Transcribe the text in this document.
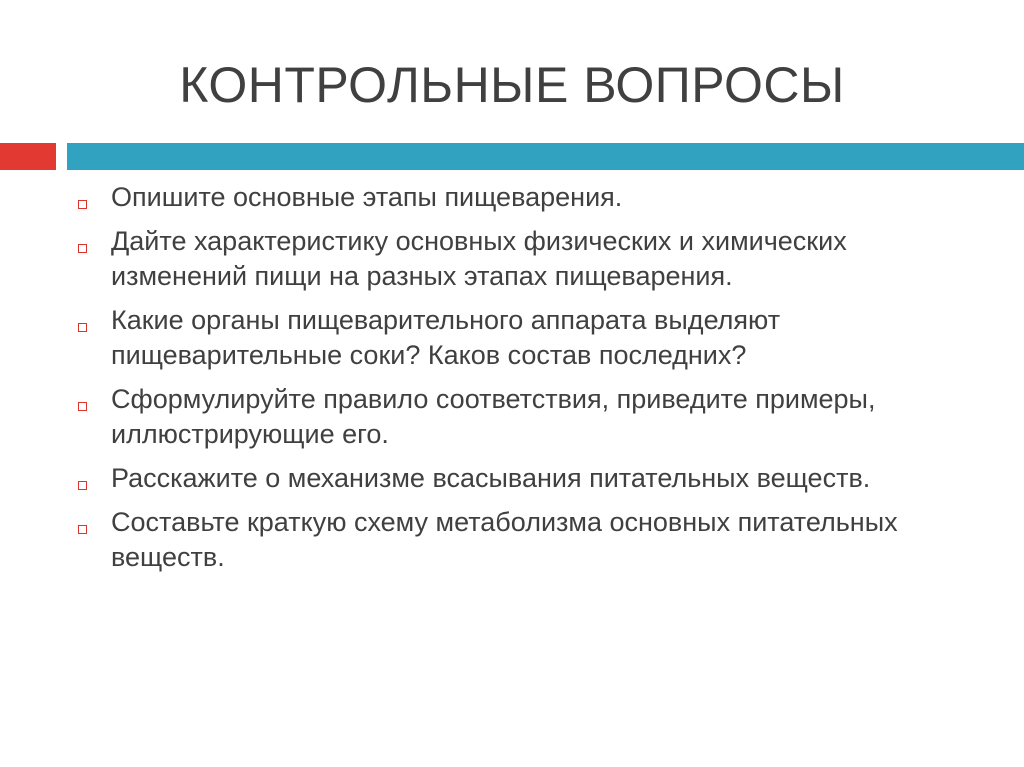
КОНТРОЛЬНЫЕ ВОПРОСЫ
Опишите основные этапы пищеварения.
Дайте характеристику основных физических и химических изменений пищи на разных этапах пищеварения.
Какие органы пищеварительного аппарата выделяют пищеварительные соки? Каков состав последних?
Сформулируйте правило соответствия, приведите примеры, иллюстрирующие его.
Расскажите о механизме всасывания питательных веществ.
Составьте краткую схему метаболизма основных питательных веществ.
